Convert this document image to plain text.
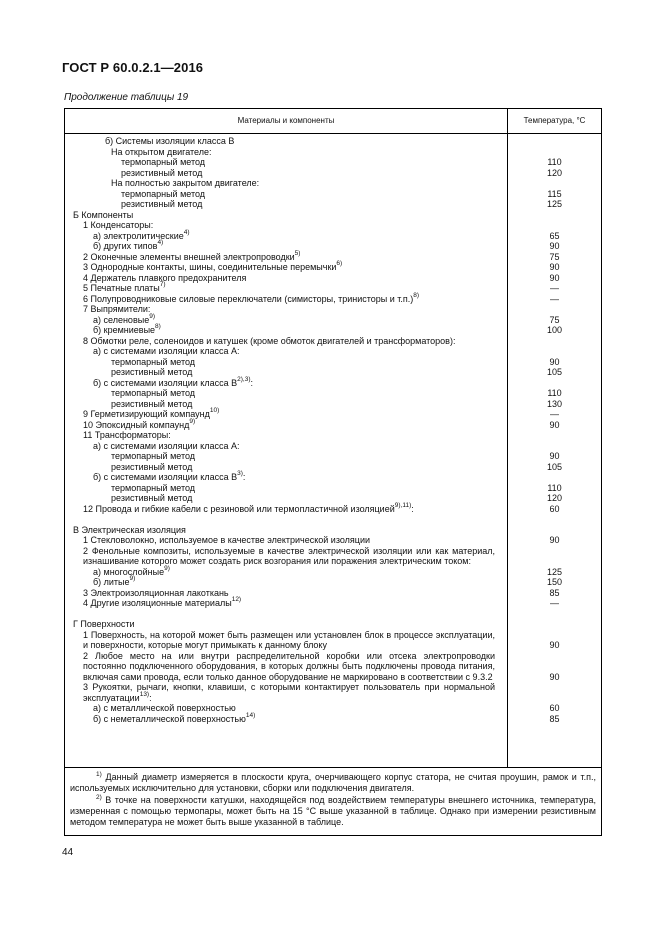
ГОСТ Р 60.0.2.1—2016
Продолжение таблицы 19
Материалы и компоненты	Температура, °С
б) Системы изоляции класса В
На открытом двигателе:
термопарный метод	110
резистивный метод	120
На полностью закрытом двигателе:
термопарный метод	115
резистивный метод	125
Б Компоненты
1 Конденсаторы:
а) электролитические$^{4)}$	65
б) других типов$^{4)}$	90
2 Оконечные элементы внешней электропроводки$^{5)}$	75
3 Однородные контакты, шины, соединительные перемычки$^{6)}$	90
4 Держатель плавкого предохранителя	90
5 Печатные платы$^{7)}$	—
6 Полупроводниковые силовые переключатели (симисторы, тринисторы и т.п.)$^{8)}$	—
7 Выпрямители:
а) селеновые$^{9)}$	75
б) кремниевые$^{8)}$	100
8 Обмотки реле, соленоидов и катушек (кроме обмоток двигателей и трансформаторов):
а) с системами изоляции класса А:
термопарный метод	90
резистивный метод	105
б) с системами изоляции класса $В^{2),3)}$:
термопарный метод	110
резистивный метод	130
9 Герметизирующий компаунд$^{10)}$	—
10 Эпоксидный компаунд$^{9)}$	90
11 Трансформаторы:
а) с системами изоляции класса А:
термопарный метод	90
резистивный метод	105
б) с системами изоляции класса $В^{3)}$:
термопарный метод	110
резистивный метод	120
12 Провода и гибкие кабели с резиновой или термопластичной изоляцией$^{9),11)}$:	60
В Электрическая изоляция
1 Стекловолокно, используемое в качестве электрической изоляции	90
2 Фенольные композиты, используемые в качестве электрической изоляции или как материал, изнашивание которого может создать риск возгорания или поражения электрическим током:
а) многослойные$^{9)}$	125
б) литые$^{9)}$	150
3 Электроизоляционная лакоткань	85
4 Другие изоляционные материалы$^{12)}$	—
Г Поверхности
1 Поверхность, на которой может быть размещен или установлен блок в процессе эксплуатации, и поверхности, которые могут примыкать к данному блоку	90
2 Любое место на или внутри распределительной коробки или отсека электропроводки постоянно подключенного оборудования, в которых должны быть подключены провода питания, включая сами провода, если только данное оборудование не маркировано в соответствии с 9.3.2	90
3 Рукоятки, рычаги, кнопки, клавиши, с которыми контактирует пользователь при нормальной эксплуатации$^{13)}$:
а) с металлической поверхностью	60
б) с неметаллической поверхностью$^{14)}$	85

$^{1)}$ Данный диаметр измеряется в плоскости круга, очерчивающего корпус статора, не считая проушин, рамок и т.п., используемых исключительно для установки, сборки или подключения двигателя.

$^{2)}$ В точке на поверхности катушки, находящейся под воздействием температуры внешнего источника, температура, измеренная с помощью термопары, может быть на 15 °С выше указанной в таблице. Однако при измерении резистивным методом температура не может быть выше указанной в таблице.

44
